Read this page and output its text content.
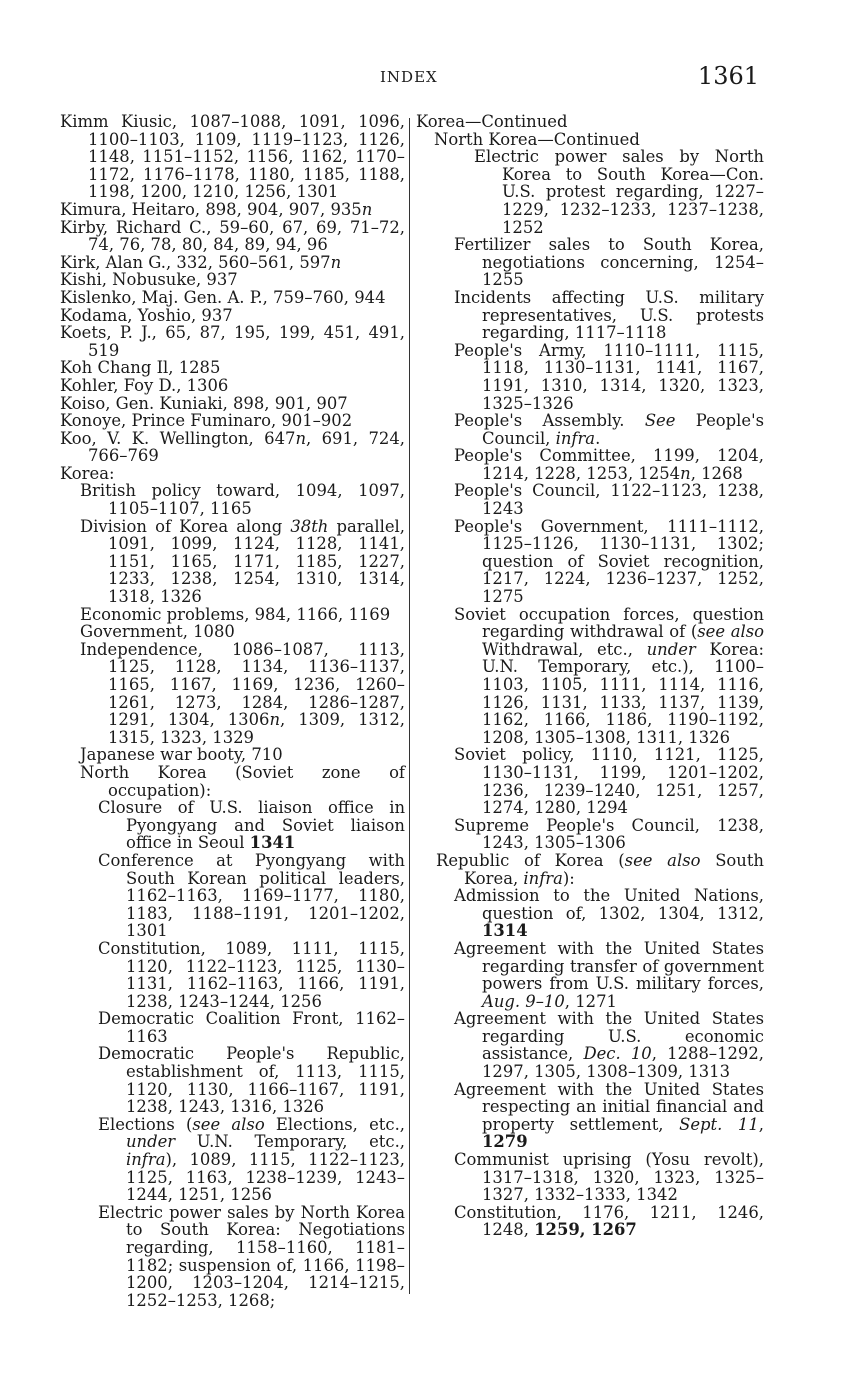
INDEX	1361
Kimm Kiusic, 1087–1088, 1091, 1096, 1100–1103, 1109, 1119–1123, 1126, 1148, 1151–1152, 1156, 1162, 1170–1172, 1176–1178, 1180, 1185, 1188, 1198, 1200, 1210, 1256, 1301
Kimura, Heitaro, 898, 904, 907, 935n
Kirby, Richard C., 59–60, 67, 69, 71–72, 74, 76, 78, 80, 84, 89, 94, 96
Kirk, Alan G., 332, 560–561, 597n
Kishi, Nobusuke, 937
Kislenko, Maj. Gen. A. P., 759–760, 944
Kodama, Yoshio, 937
Koets, P. J., 65, 87, 195, 199, 451, 491, 519
Koh Chang Il, 1285
Kohler, Foy D., 1306
Koiso, Gen. Kuniaki, 898, 901, 907
Konoye, Prince Fuminaro, 901–902
Koo, V. K. Wellington, 647n, 691, 724, 766–769
Korea:
British policy toward, 1094, 1097, 1105–1107, 1165
Division of Korea along 38th parallel, 1091, 1099, 1124, 1128, 1141, 1151, 1165, 1171, 1185, 1227, 1233, 1238, 1254, 1310, 1314, 1318, 1326
Economic problems, 984, 1166, 1169
Government, 1080
Independence, 1086–1087, 1113, 1125, 1128, 1134, 1136–1137, 1165, 1167, 1169, 1236, 1260–1261, 1273, 1284, 1286–1287, 1291, 1304, 1306n, 1309, 1312, 1315, 1323, 1329
Japanese war booty, 710
North Korea (Soviet zone of occupation):
Closure of U.S. liaison office in Pyongyang and Soviet liaison office in Seoul 1341
Conference at Pyongyang with South Korean political leaders, 1162–1163, 1169–1177, 1180, 1183, 1188–1191, 1201–1202, 1301
Constitution, 1089, 1111, 1115, 1120, 1122–1123, 1125, 1130–1131, 1162–1163, 1166, 1191, 1238, 1243–1244, 1256
Democratic Coalition Front, 1162–1163
Democratic People's Republic, establishment of, 1113, 1115, 1120, 1130, 1166–1167, 1191, 1238, 1243, 1316, 1326
Elections (see also Elections, etc., under U.N. Temporary, etc., infra), 1089, 1115, 1122–1123, 1125, 1163, 1238–1239, 1243–1244, 1251, 1256
Electric power sales by North Korea to South Korea: Negotiations regarding, 1158–1160, 1181–1182; suspension of, 1166, 1198–1200, 1203–1204, 1214–1215, 1252–1253, 1268;
Korea—Continued
North Korea—Continued
Electric power sales by North Korea to South Korea—Con. U.S. protest regarding, 1227–1229, 1232–1233, 1237–1238, 1252
Fertilizer sales to South Korea, negotiations concerning, 1254–1255
Incidents affecting U.S. military representatives, U.S. protests regarding, 1117–1118
People's Army, 1110–1111, 1115, 1118, 1130–1131, 1141, 1167, 1191, 1310, 1314, 1320, 1323, 1325–1326
People's Assembly. See People's Council, infra.
People's Committee, 1199, 1204, 1214, 1228, 1253, 1254n, 1268
People's Council, 1122–1123, 1238, 1243
People's Government, 1111–1112, 1125–1126, 1130–1131, 1302; question of Soviet recognition, 1217, 1224, 1236–1237, 1252, 1275
Soviet occupation forces, question regarding withdrawal of (see also Withdrawal, etc., under Korea: U.N. Temporary, etc.), 1100–1103, 1105, 1111, 1114, 1116, 1126, 1131, 1133, 1137, 1139, 1162, 1166, 1186, 1190–1192, 1208, 1305–1308, 1311, 1326
Soviet policy, 1110, 1121, 1125, 1130–1131, 1199, 1201–1202, 1236, 1239–1240, 1251, 1257, 1274, 1280, 1294
Supreme People's Council, 1238, 1243, 1305–1306
Republic of Korea (see also South Korea, infra):
Admission to the United Nations, question of, 1302, 1304, 1312, 1314
Agreement with the United States regarding transfer of government powers from U.S. military forces, Aug. 9–10, 1271
Agreement with the United States regarding U.S. economic assistance, Dec. 10, 1288–1292, 1297, 1305, 1308–1309, 1313
Agreement with the United States respecting an initial financial and property settlement, Sept. 11, 1279
Communist uprising (Yosu revolt), 1317–1318, 1320, 1323, 1325–1327, 1332–1333, 1342
Constitution, 1176, 1211, 1246, 1248, 1259, 1267
